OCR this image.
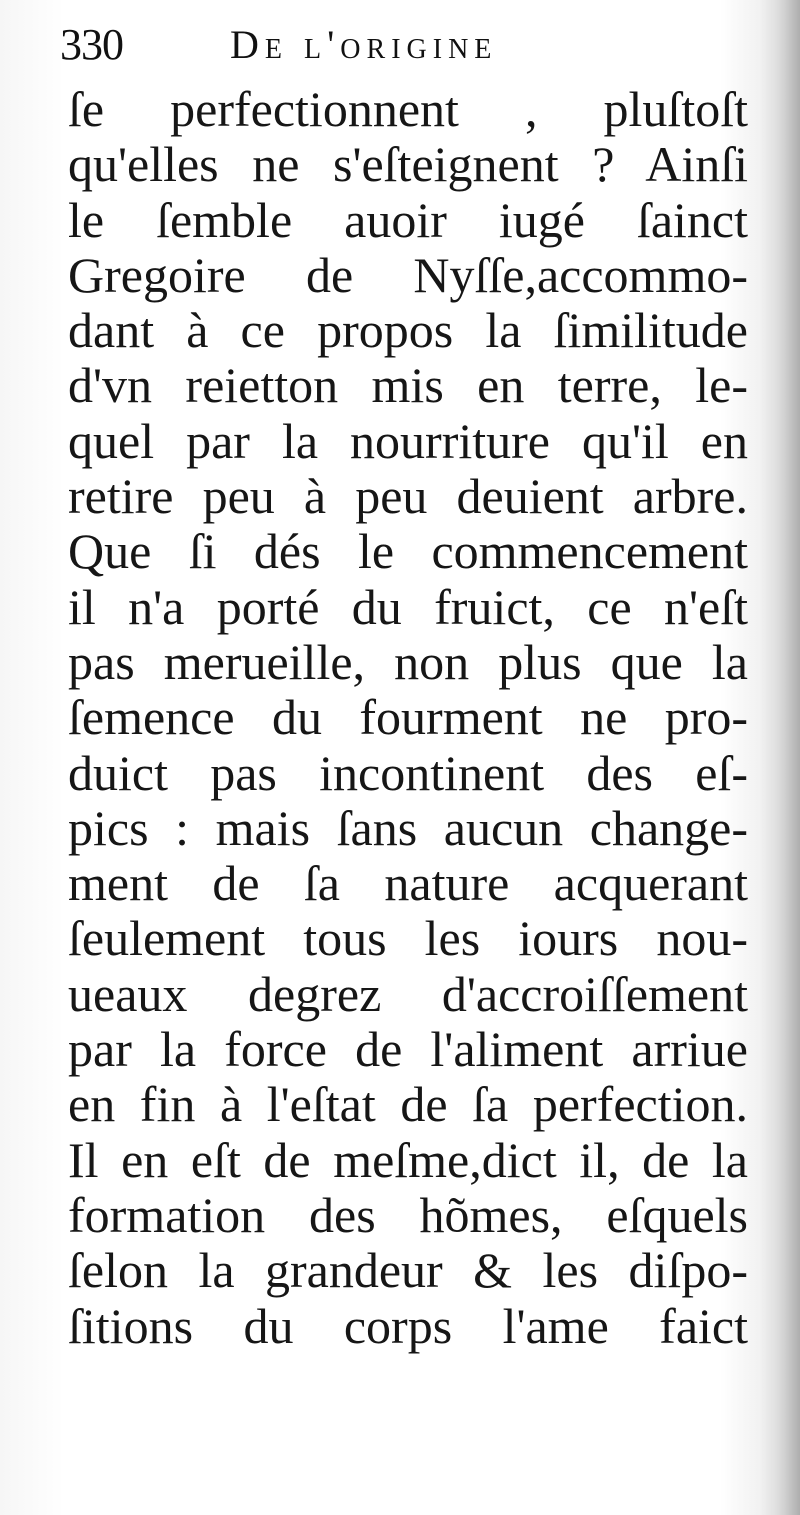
330	De l'origine
ſe perfectionnent , pluſtoſt
qu'elles ne s'eſteignent ? Ainſi
le ſemble auoir iugé ſainct
Gregoire de Nyſſe,accommo-
dant à ce propos la ſimilitude
d'vn reietton mis en terre, le-
quel par la nourriture qu'il en
retire peu à peu deuient arbre.
Que ſi dés le commencement
il n'a porté du fruict, ce n'eſt
pas merueille, non plus que la
ſemence du fourment ne pro-
duict pas incontinent des eſ-
pics : mais ſans aucun change-
ment de ſa nature acquerant
ſeulement tous les iours nou-
ueaux degrez d'accroiſſement
par la force de l'aliment arriue
en fin à l'eſtat de ſa perfection.
Il en eſt de meſme,dict il, de la
formation des hõmes, eſquels
ſelon la grandeur & les diſpo-
ſitions du corps l'ame faict
